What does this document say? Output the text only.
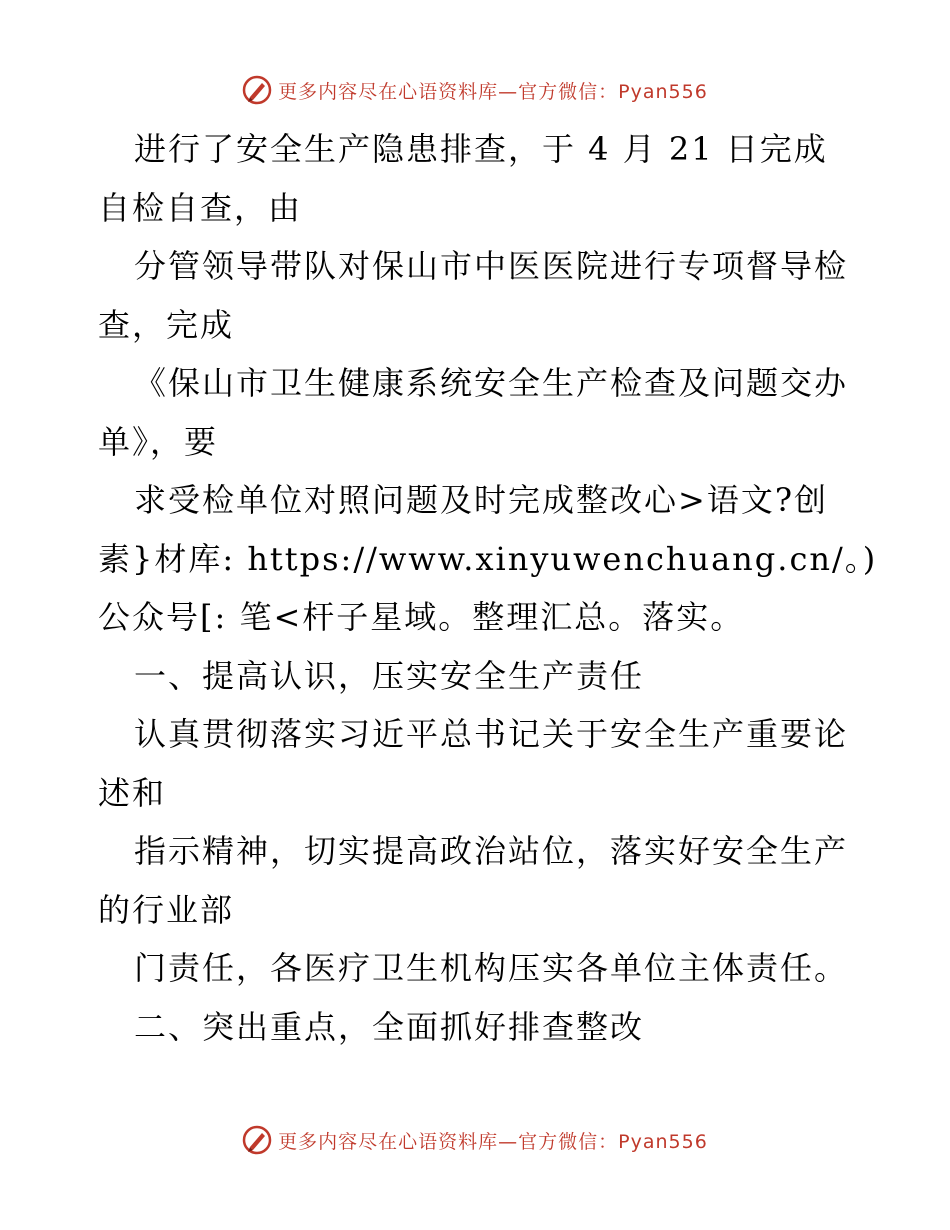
更多内容尽在心语资料库—官方微信：Pyan556
进行了安全生产隐患排查，于 4 月 21 日完成
自检自查，由
分管领导带队对保山市中医医院进行专项督导检
查，完成
《保山市卫生健康系统安全生产检查及问题交办
单》，要
求受检单位对照问题及时完成整改心>语文?创
素}材库: https://www.xinyuwenchuang.cn/。)
公众号[: 笔<杆子星域。整理汇总。落实。
一、提高认识，压实安全生产责任
认真贯彻落实习近平总书记关于安全生产重要论
述和
指示精神，切实提高政治站位，落实好安全生产
的行业部
门责任，各医疗卫生机构压实各单位主体责任。
二、突出重点，全面抓好排查整改
更多内容尽在心语资料库—官方微信：Pyan556
